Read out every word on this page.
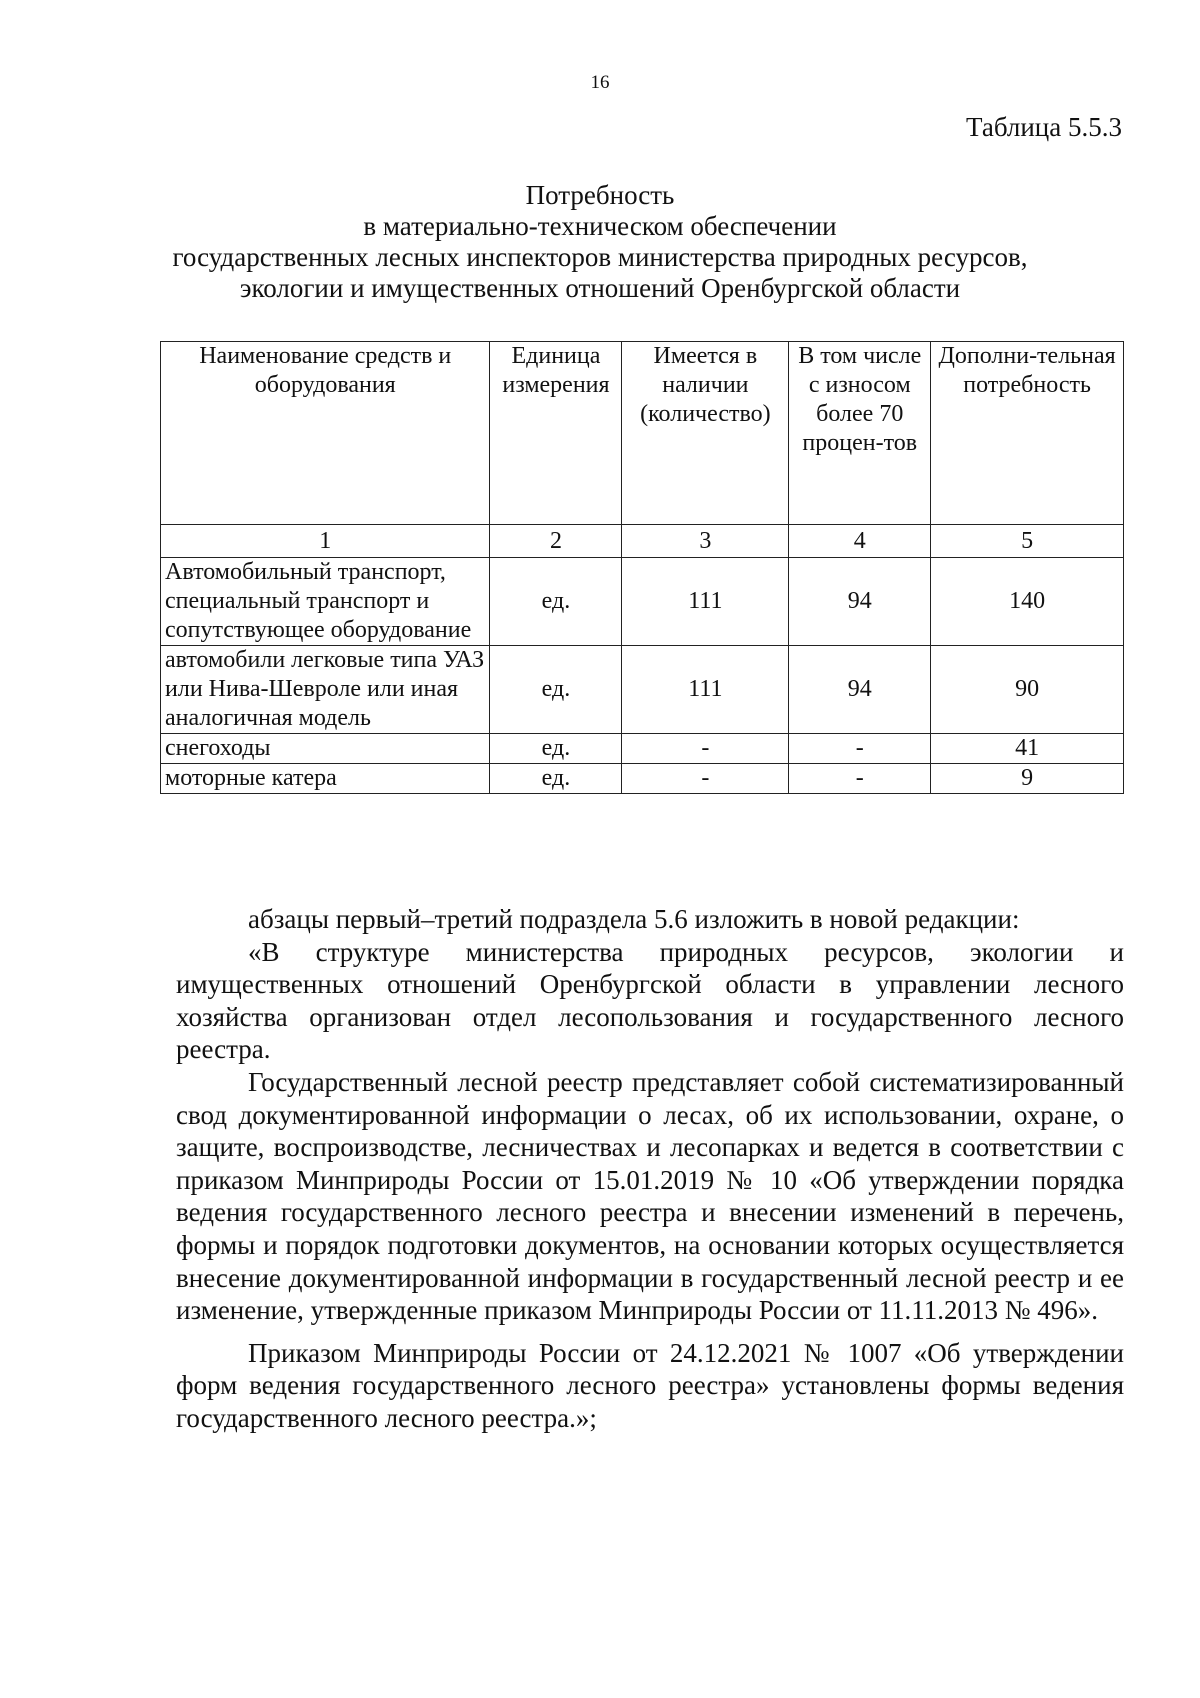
16
Таблица 5.5.3
Потребность
в материально-техническом обеспечении
государственных лесных инспекторов министерства природных ресурсов,
экологии и имущественных отношений Оренбургской области
Наименование средств и оборудования	Единица измерения	Имеется в наличии (количество)	В том числе с износом более 70 процен-тов	Дополни-тельная потребность
1	2	3	4	5
Автомобильный транспорт, специальный транспорт и сопутствующее оборудование	ед.	111	94	140
автомобили легковые типа УАЗ или Нива-Шевроле или иная аналогичная модель	ед.	111	94	90
снегоходы	ед.	-	-	41
моторные катера	ед.	-	-	9

абзацы первый–третий подраздела 5.6 изложить в новой редакции:

«В структуре министерства природных ресурсов, экологии и имущественных отношений Оренбургской области в управлении лесного хозяйства организован отдел лесопользования и государственного лесного реестра.

Государственный лесной реестр представляет собой систематизированный свод документированной информации о лесах, об их использовании, охране, о защите, воспроизводстве, лесничествах и лесопарках и ведется в соответствии с приказом Минприроды России от 15.01.2019 № 10 «Об утверждении порядка ведения государственного лесного реестра и внесении изменений в перечень, формы и порядок подготовки документов, на основании которых осуществляется внесение документированной информации в государственный лесной реестр и ее изменение, утвержденные приказом Минприроды России от 11.11.2013 № 496».

Приказом Минприроды России от 24.12.2021 № 1007 «Об утверждении форм ведения государственного лесного реестра» установлены формы ведения государственного лесного реестра.»;
